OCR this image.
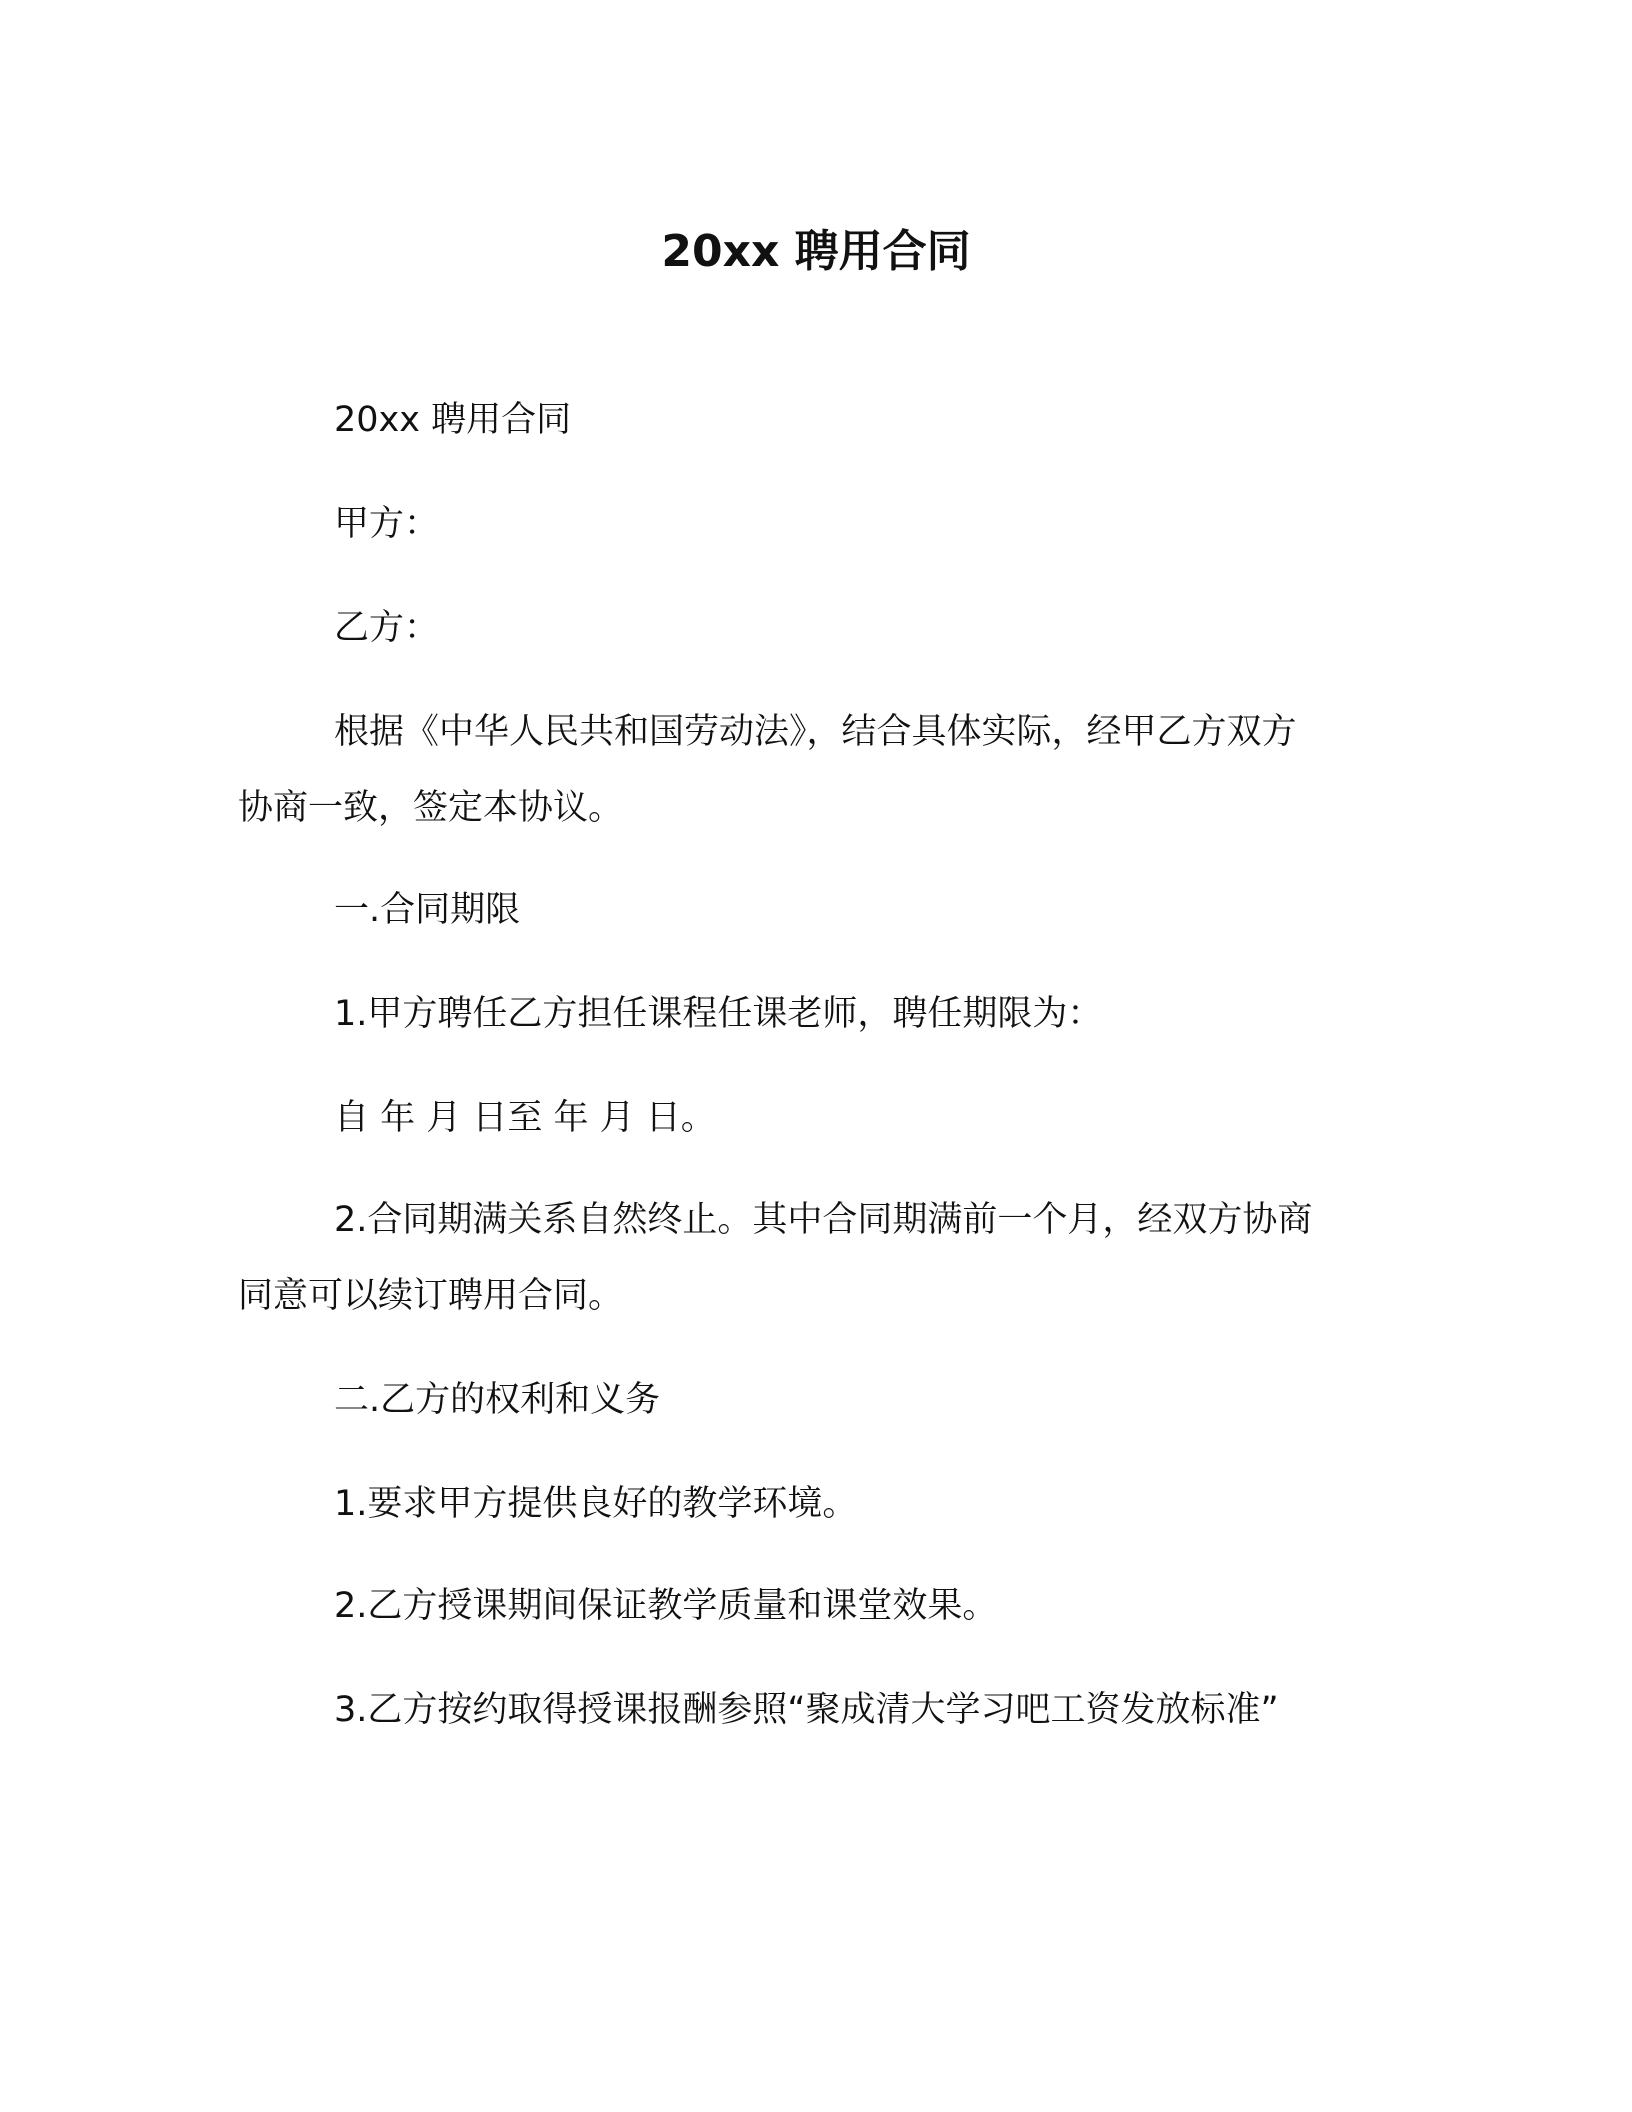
20xx 聘用合同

20xx 聘用合同

甲方：

乙方：

根据《中华人民共和国劳动法》，结合具体实际，经甲乙方双方

协商一致，签定本协议。

一.合同期限

1.甲方聘任乙方担任课程任课老师，聘任期限为：

自 年 月 日至 年 月 日。

2.合同期满关系自然终止。其中合同期满前一个月，经双方协商

同意可以续订聘用合同。

二.乙方的权利和义务

1.要求甲方提供良好的教学环境。

2.乙方授课期间保证教学质量和课堂效果。

3.乙方按约取得授课报酬参照“聚成清大学习吧工资发放标准”
